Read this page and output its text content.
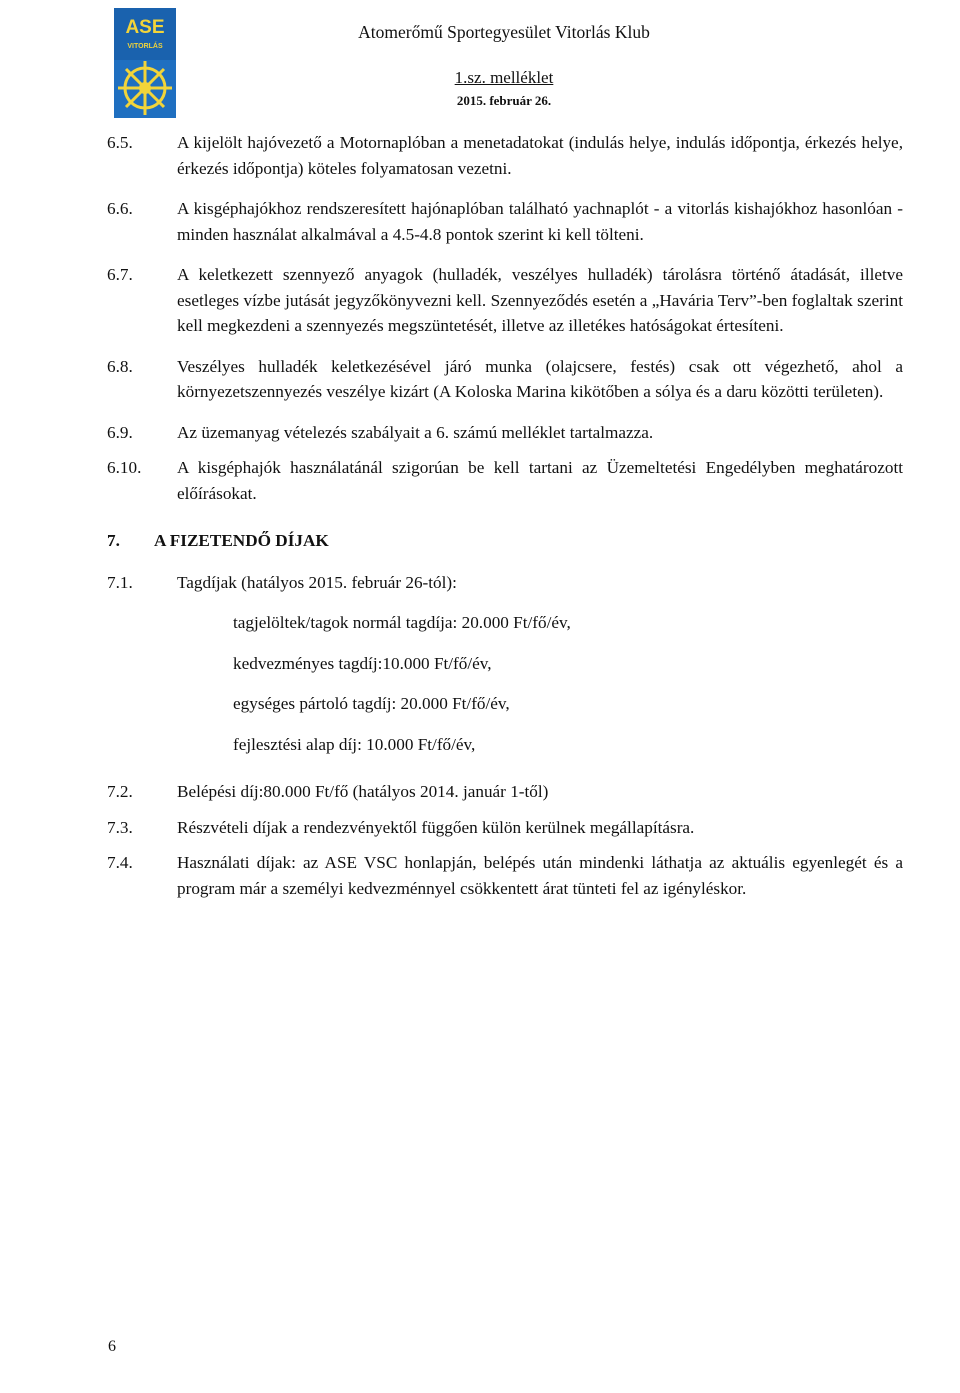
ASE
VITORLÁS
Atomerőmű Sportegyesület Vitorlás Klub
1.sz. melléklet
2015. február 26.
6.5.	A kijelölt hajóvezető a Motornaplóban a menetadatokat (indulás helye, indulás időpontja, érkezés helye, érkezés időpontja) köteles folyamatosan vezetni.
6.6.	A kisgéphajókhoz rendszeresített hajónaplóban található yachnaplót - a vitorlás kishajókhoz hasonlóan - minden használat alkalmával a 4.5-4.8 pontok szerint ki kell tölteni.
6.7.	A keletkezett szennyező anyagok (hulladék, veszélyes hulladék) tárolásra történő átadását, illetve esetleges vízbe jutását jegyzőkönyvezni kell. Szennyeződés esetén a „Havária Terv”-ben foglaltak szerint kell megkezdeni a szennyezés megszüntetését, illetve az illetékes hatóságokat értesíteni.
6.8.	Veszélyes hulladék keletkezésével járó munka (olajcsere, festés) csak ott végezhető, ahol a környezetszennyezés veszélye kizárt (A Koloska Marina kikötőben a sólya és a daru közötti területen).
6.9.	Az üzemanyag vételezés szabályait a 6. számú melléklet tartalmazza.
6.10.	A kisgéphajók használatánál szigorúan be kell tartani az Üzemeltetési Engedélyben meghatározott előírásokat.
7.	A FIZETENDŐ DÍJAK
7.1.	Tagdíjak (hatályos 2015. február 26-tól):
tagjelöltek/tagok normál tagdíja: 20.000 Ft/fő/év,
kedvezményes tagdíj:10.000 Ft/fő/év,
egységes pártoló tagdíj: 20.000 Ft/fő/év,
fejlesztési alap díj: 10.000 Ft/fő/év,
7.2.	Belépési díj:80.000 Ft/fő (hatályos 2014. január 1-től)
7.3.	Részvételi díjak a rendezvényektől függően külön kerülnek megállapításra.
7.4.	Használati díjak: az ASE VSC honlapján, belépés után mindenki láthatja az aktuális egyenlegét és a program már a személyi kedvezménnyel csökkentett árat tünteti fel az igényléskor.
6
